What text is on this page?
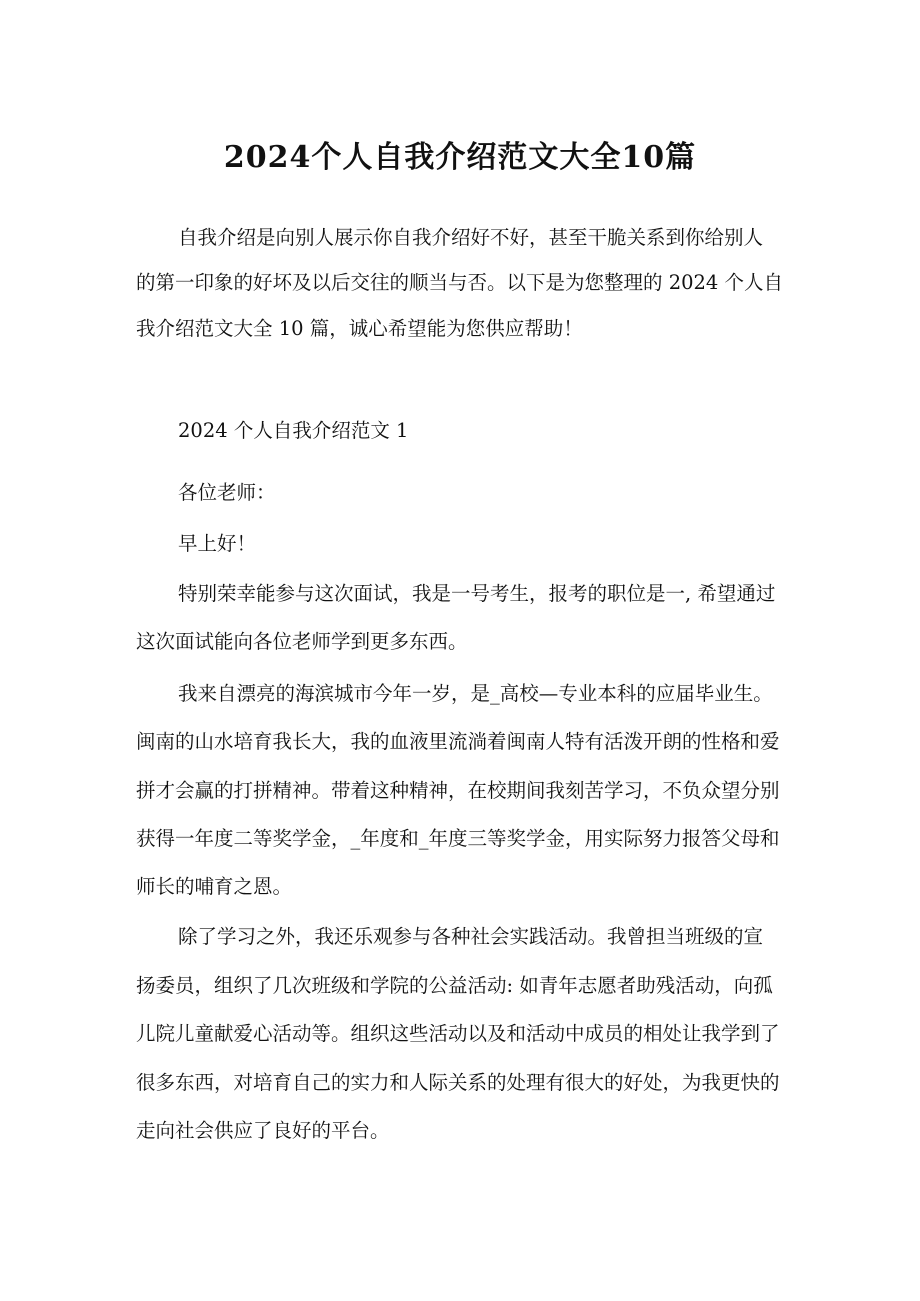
2024个人自我介绍范文大全10篇
自我介绍是向别人展示你自我介绍好不好，甚至干脆关系到你给别人
的第一印象的好坏及以后交往的顺当与否。以下是为您整理的 2024 个人自
我介绍范文大全 10 篇，诚心希望能为您供应帮助！
2024 个人自我介绍范文 1
各位老师：
早上好！
特别荣幸能参与这次面试，我是一号考生，报考的职位是一, 希望通过
这次面试能向各位老师学到更多东西。
我来自漂亮的海滨城市今年一岁，是_高校—专业本科的应届毕业生。
闽南的山水培育我长大，我的血液里流淌着闽南人特有活泼开朗的性格和爱
拼才会赢的打拼精神。带着这种精神，在校期间我刻苦学习，不负众望分别
获得一年度二等奖学金，_年度和_年度三等奖学金，用实际努力报答父母和
师长的哺育之恩。
除了学习之外，我还乐观参与各种社会实践活动。我曾担当班级的宣
扬委员，组织了几次班级和学院的公益活动: 如青年志愿者助残活动，向孤
儿院儿童献爱心活动等。组织这些活动以及和活动中成员的相处让我学到了
很多东西，对培育自己的实力和人际关系的处理有很大的好处，为我更快的
走向社会供应了良好的平台。
